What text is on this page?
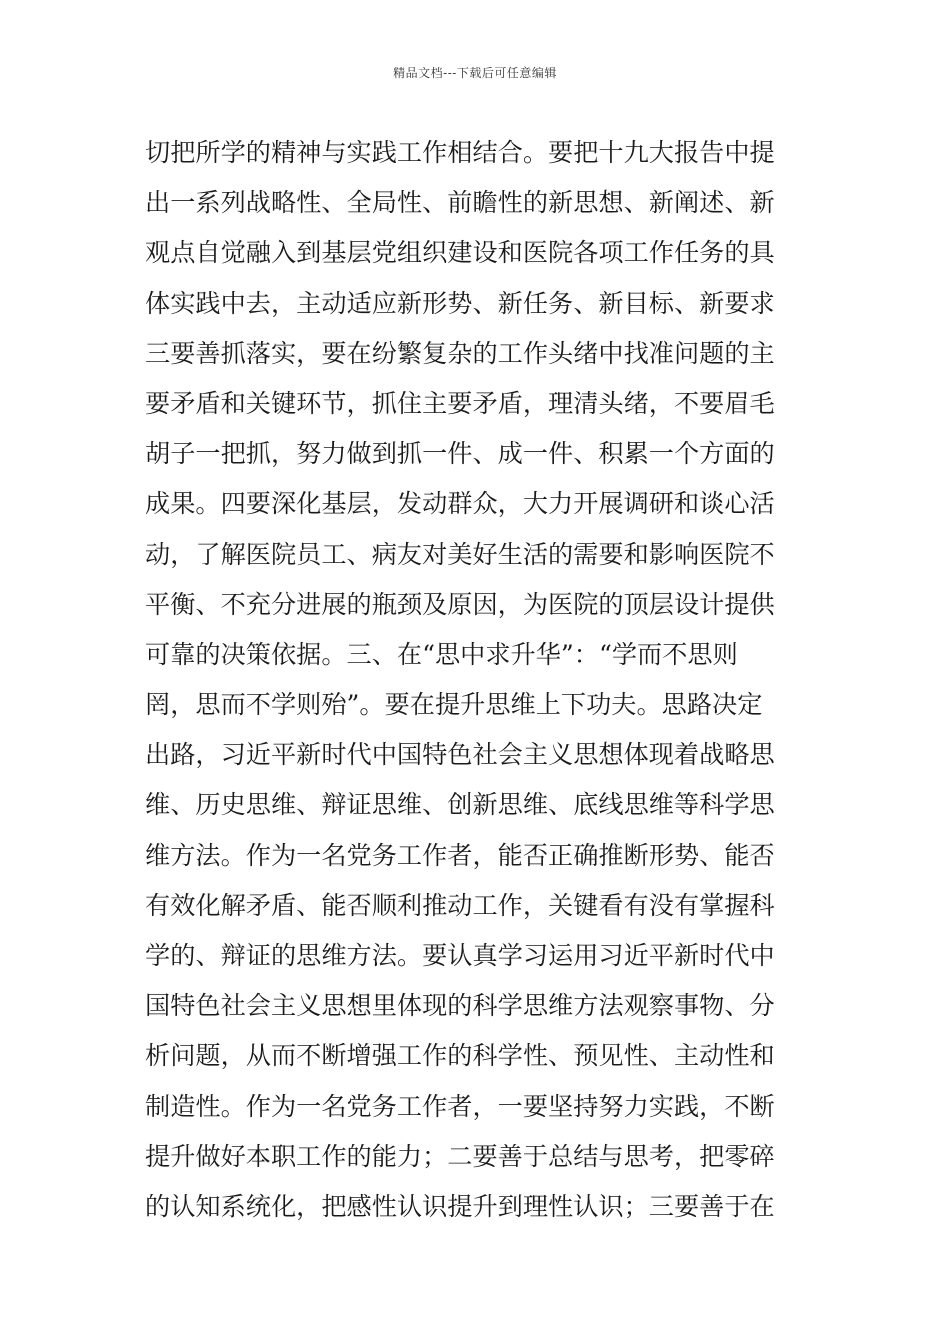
精品文档---下载后可任意编辑
切把所学的精神与实践工作相结合。要把十九大报告中提
出一系列战略性、全局性、前瞻性的新思想、新阐述、新
观点自觉融入到基层党组织建设和医院各项工作任务的具
体实践中去，主动适应新形势、新任务、新目标、新要求
三要善抓落实，要在纷繁复杂的工作头绪中找准问题的主
要矛盾和关键环节，抓住主要矛盾，理清头绪，不要眉毛
胡子一把抓，努力做到抓一件、成一件、积累一个方面的
成果。四要深化基层，发动群众，大力开展调研和谈心活
动，了解医院员工、病友对美好生活的需要和影响医院不
平衡、不充分进展的瓶颈及原因，为医院的顶层设计提供
可靠的决策依据。三、在“思中求升华”：“学而不思则
罔，思而不学则殆”。要在提升思维上下功夫。思路决定
出路，习近平新时代中国特色社会主义思想体现着战略思
维、历史思维、辩证思维、创新思维、底线思维等科学思
维方法。作为一名党务工作者，能否正确推断形势、能否
有效化解矛盾、能否顺利推动工作，关键看有没有掌握科
学的、辩证的思维方法。要认真学习运用习近平新时代中
国特色社会主义思想里体现的科学思维方法观察事物、分
析问题，从而不断增强工作的科学性、预见性、主动性和
制造性。作为一名党务工作者，一要坚持努力实践，不断
提升做好本职工作的能力；二要善于总结与思考，把零碎
的认知系统化，把感性认识提升到理性认识；三要善于在
